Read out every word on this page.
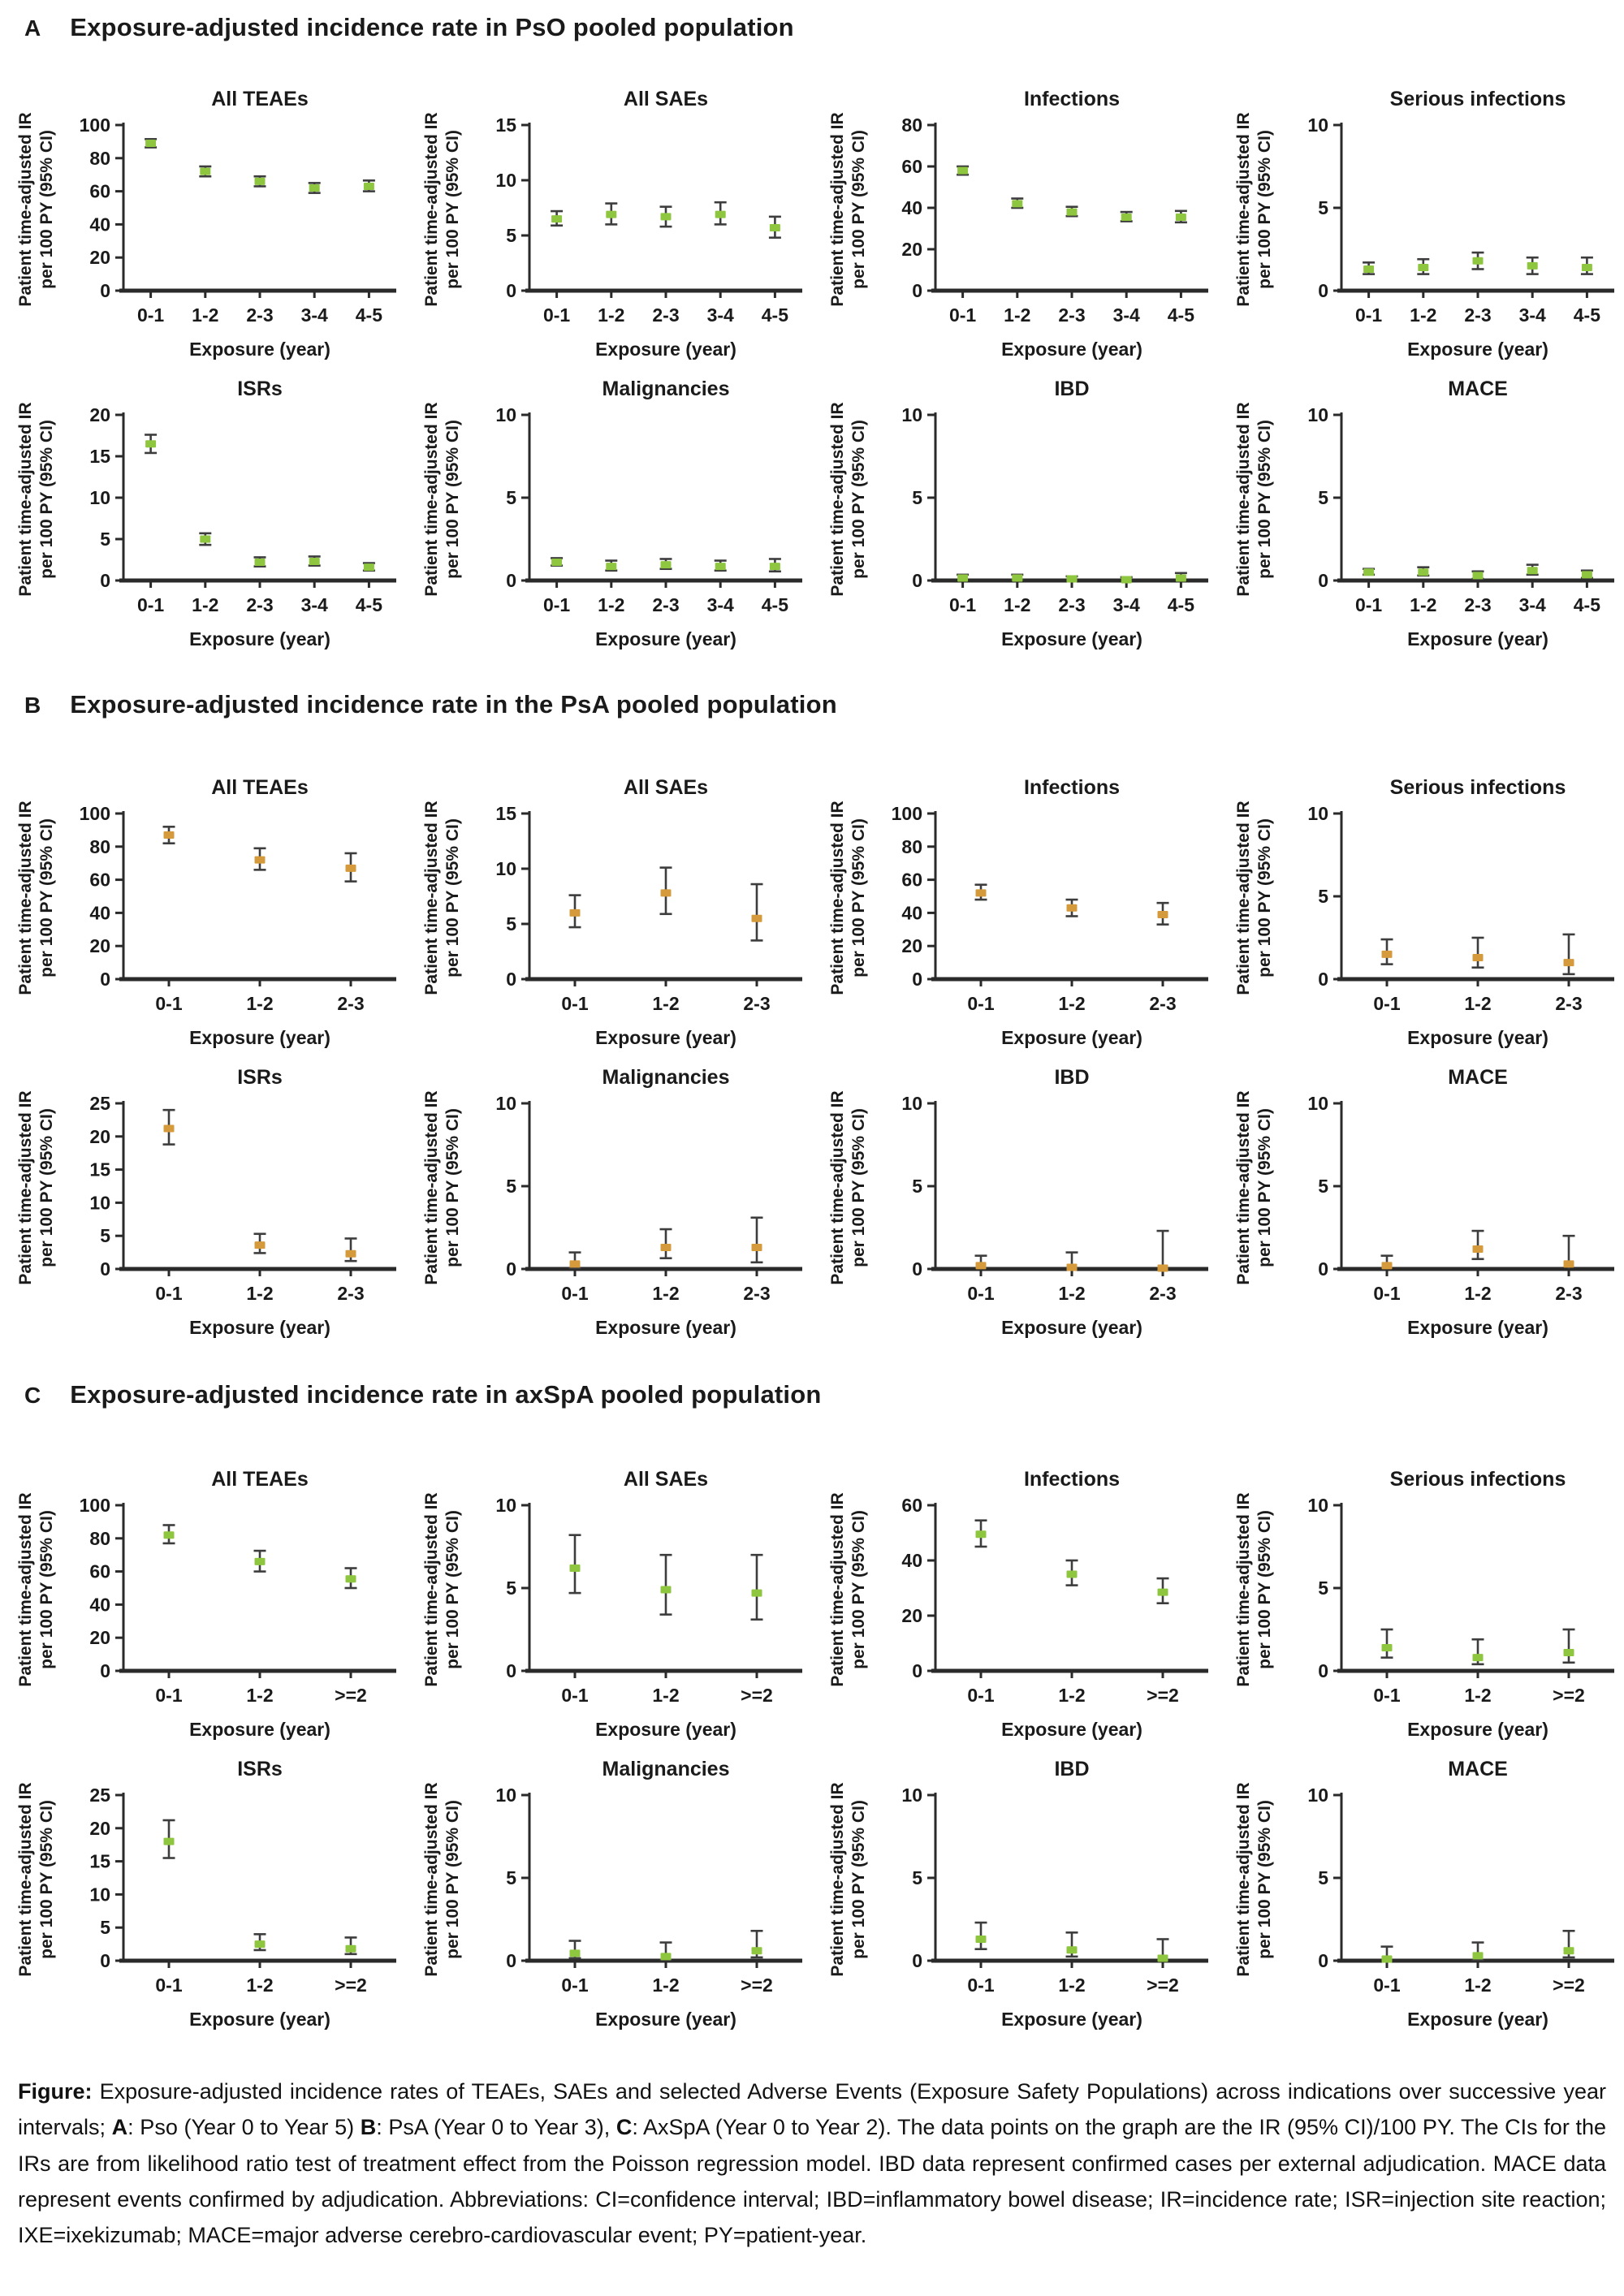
A Exposure-adjusted incidence rate in PsO pooled population
All TEAEs
Patient time-adjusted IR per 100 PY (95% CI)
0
20
40
60
80
100
0-1 1-2 2-3 3-4 4-5
Exposure (year)
All SAEs
Patient time-adjusted IR per 100 PY (95% CI)
0
5
10
15
0-1 1-2 2-3 3-4 4-5
Exposure (year)
Infections
Patient time-adjusted IR per 100 PY (95% CI)
0
20
40
60
80
0-1 1-2 2-3 3-4 4-5
Exposure (year)
Serious infections
Patient time-adjusted IR per 100 PY (95% CI)
0
5
10
0-1 1-2 2-3 3-4 4-5
Exposure (year)
ISRs
Patient time-adjusted IR per 100 PY (95% CI)
0
5
10
15
20
0-1 1-2 2-3 3-4 4-5
Exposure (year)
Malignancies
Patient time-adjusted IR per 100 PY (95% CI)
0
5
10
0-1 1-2 2-3 3-4 4-5
Exposure (year)
IBD
Patient time-adjusted IR per 100 PY (95% CI)
0
5
10
0-1 1-2 2-3 3-4 4-5
Exposure (year)
MACE
Patient time-adjusted IR per 100 PY (95% CI)
0
5
10
0-1 1-2 2-3 3-4 4-5
Exposure (year)
B Exposure-adjusted incidence rate in the PsA pooled population
All TEAEs
Patient time-adjusted IR per 100 PY (95% CI)
0
20
40
60
80
100
0-1	1-2	2-3
Exposure (year)
All SAEs
Patient time-adjusted IR per 100 PY (95% CI)
0
5
10
15
0-1	1-2	2-3
Exposure (year)
Infections
Patient time-adjusted IR per 100 PY (95% CI)
0
20
40
60
80
100
0-1	1-2	2-3
Exposure (year)
Serious infections
Patient time-adjusted IR per 100 PY (95% CI)
0
5
10
0-1	1-2	2-3
Exposure (year)
ISRs
Patient time-adjusted IR per 100 PY (95% CI)
0
5
10
15
20
25
0-1	1-2	2-3
Exposure (year)
Malignancies
Patient time-adjusted IR per 100 PY (95% CI)
0
5
10
0-1	1-2	2-3
Exposure (year)
IBD
Patient time-adjusted IR per 100 PY (95% CI)
0
5
10
0-1	1-2	2-3
Exposure (year)
MACE
Patient time-adjusted IR per 100 PY (95% CI)
0
5
10
0-1	1-2	2-3
Exposure (year)
C Exposure-adjusted incidence rate in axSpA pooled population
All TEAEs
Patient time-adjusted IR per 100 PY (95% CI)
0
20
40
60
80
100
0-1	1-2	>=2
Exposure (year)
All SAEs
Patient time-adjusted IR per 100 PY (95% CI)
0
5
10
0-1	1-2	>=2
Exposure (year)
Infections
Patient time-adjusted IR per 100 PY (95% CI)
0
20
40
60
0-1	1-2	>=2
Exposure (year)
Serious infections
Patient time-adjusted IR per 100 PY (95% CI)
0
5
10
0-1	1-2	>=2
Exposure (year)
ISRs
Patient time-adjusted IR per 100 PY (95% CI)
0
5
10
15
20
25
0-1	1-2	>=2
Exposure (year)
Malignancies
Patient time-adjusted IR per 100 PY (95% CI)
0
5
10
0-1	1-2	>=2
Exposure (year)
IBD
Patient time-adjusted IR per 100 PY (95% CI)
0
5
10
0-1	1-2	>=2
Exposure (year)
MACE
Patient time-adjusted IR per 100 PY (95% CI)
0
5
10
0-1	1-2	>=2
Exposure (year)

Figure: Exposure-adjusted incidence rates of TEAEs, SAEs and selected Adverse Events (Exposure Safety Populations) across indications over successive year intervals; A: Pso (Year 0 to Year 5) B: PsA (Year 0 to Year 3), C: AxSpA (Year 0 to Year 2). The data points on the graph are the IR (95% CI)/100 PY. The CIs for the IRs are from likelihood ratio test of treatment effect from the Poisson regression model. IBD data represent confirmed cases per external adjudication. MACE data represent events confirmed by adjudication. Abbreviations: CI=confidence interval; IBD=inflammatory bowel disease; IR=incidence rate; ISR=injection site reaction; IXE=ixekizumab; MACE=major adverse cerebro-cardiovascular event; PY=patient-year.
